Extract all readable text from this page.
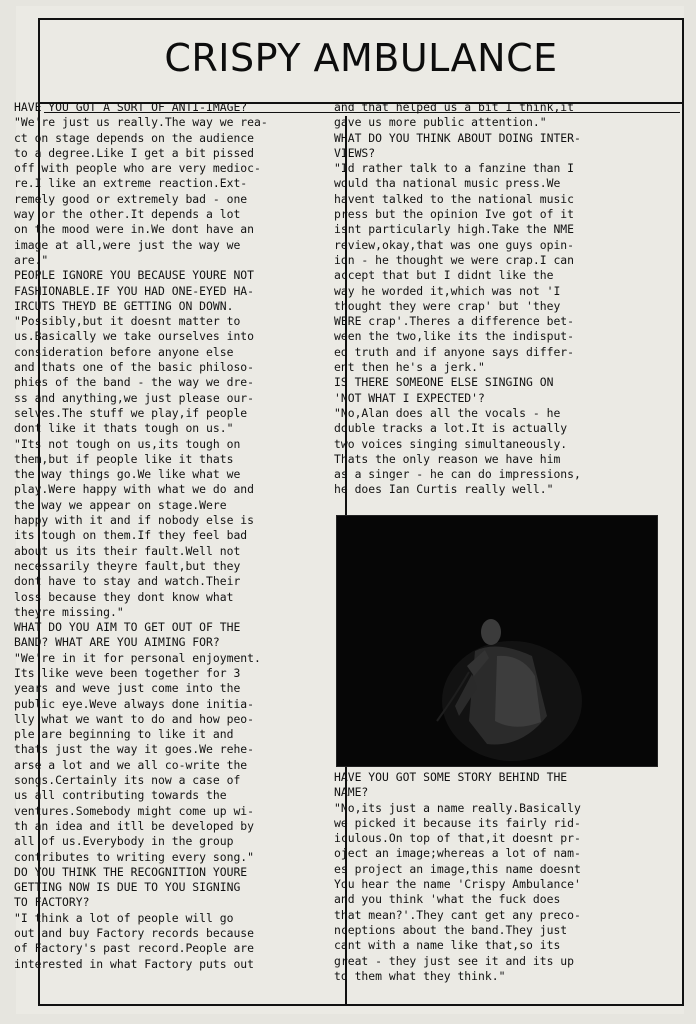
CRISPY AMBULANCE
HAVE YOU GOT A SORT OF ANTI-IMAGE?
"We're just us really.The way we rea-
ct on stage depends on the audience
to a degree.Like I get a bit pissed
off with people who are very medioc-
re.I like an extreme reaction.Ext-
remely good or extremely bad - one
way or the other.It depends a lot
on the mood were in.We dont have an
image at all,were just the way we
are."
PEOPLE IGNORE YOU BECAUSE YOURE NOT
FASHIONABLE.IF YOU HAD ONE-EYED HA-
IRCUTS THEYD BE GETTING ON DOWN.
"Possibly,but it doesnt matter to
us.Basically we take ourselves into
consideration before anyone else
and thats one of the basic philoso-
phies of the band - the way we dre-
ss and anything,we just please our-
selves.The stuff we play,if people
dont like it thats tough on us."
"Its not tough on us,its tough on
them,but if people like it thats
the way things go.We like what we
play.Were happy with what we do and
the way we appear on stage.Were
happy with it and if nobody else is
its tough on them.If they feel bad
about us its their fault.Well not
necessarily theyre fault,but they
dont have to stay and watch.Their
loss because they dont know what
theyre missing."
WHAT DO YOU AIM TO GET OUT OF THE
BAND? WHAT ARE YOU AIMING FOR?
"We're in it for personal enjoyment.
Its like weve been together for 3
years and weve just come into the
public eye.Weve always done initia-
lly what we want to do and how peo-
ple are beginning to like it and
thats just the way it goes.We rehe-
arse a lot and we all co-write the
songs.Certainly its now a case of
us all contributing towards the
ventures.Somebody might come up wi-
th an idea and itll be developed by
all of us.Everybody in the group
contributes to writing every song."
DO YOU THINK THE RECOGNITION YOURE
GETTING NOW IS DUE TO YOU SIGNING
TO FACTORY?
"I think a lot of people will go
out and buy Factory records because
of Factory's past record.People are
interested in what Factory puts out
and that helped us a bit I think,it
gave us more public attention."
WHAT DO YOU THINK ABOUT DOING INTER-
VIEWS?
"Id rather talk to a fanzine than I
would tha national music press.We
havent talked to the national music
press but the opinion Ive got of it
isnt particularly high.Take the NME
review,okay,that was one guys opin-
ion - he thought we were crap.I can
accept that but I didnt like the
way he worded it,which was not 'I
thought they were crap' but 'they
WERE crap'.Theres a difference bet-
ween the two,like its the indisput-
ed truth and if anyone says differ-
ent then he's a jerk."
IS THERE SOMEONE ELSE SINGING ON
'NOT WHAT I EXPECTED'?
"No,Alan does all the vocals - he
double tracks a lot.It is actually
two voices singing simultaneously.
Thats the only reason we have him
as a singer - he can do impressions,
he does Ian Curtis really well."
HAVE YOU GOT SOME STORY BEHIND THE
NAME?
"No,its just a name really.Basically
we picked it because its fairly rid-
iculous.On top of that,it doesnt pr-
oject an image;whereas a lot of nam-
es project an image,this name doesnt
You hear the name 'Crispy Ambulance'
and you think 'what the fuck does
that mean?'.They cant get any preco-
nceptions about the band.They just
cant with a name like that,so its
great - they just see it and its up
to them what they think."
